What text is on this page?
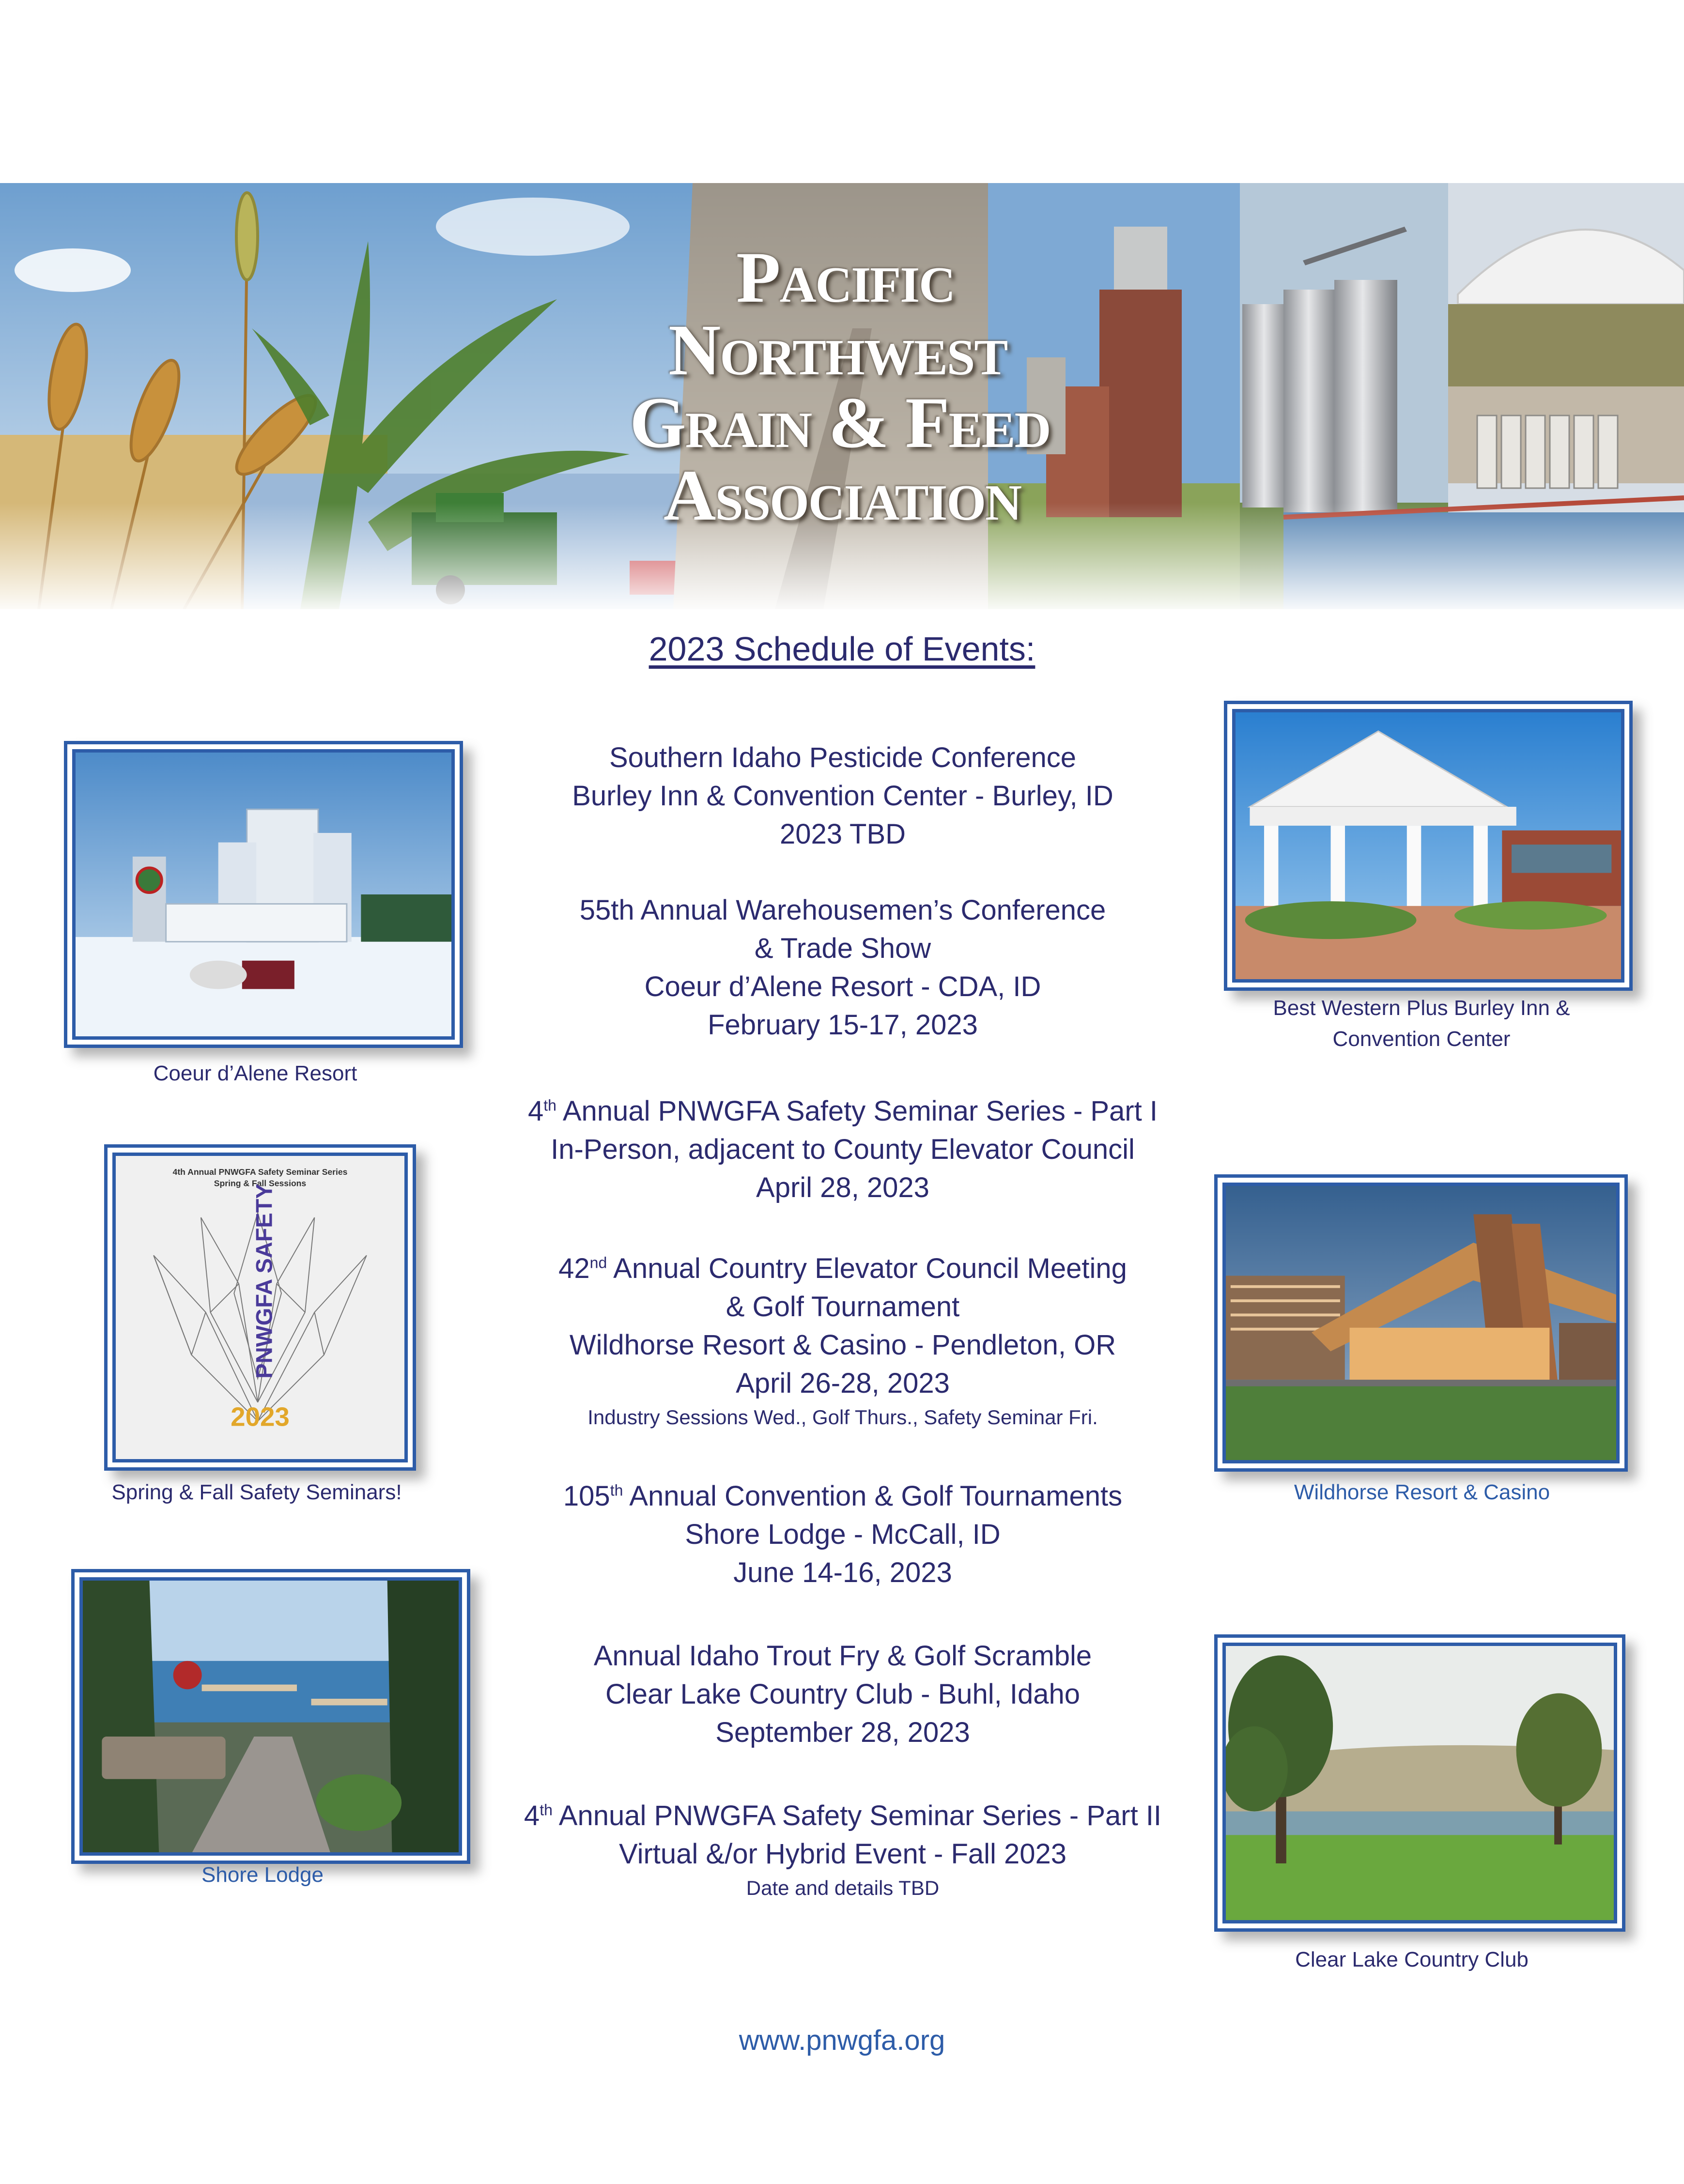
Pacific
Northwest
Grain & Feed
Association
2023 Schedule of Events:
Southern Idaho Pesticide Conference
Burley Inn & Convention Center - Burley, ID
2023 TBD
55th Annual Warehousemen’s Conference
& Trade Show
Coeur d’Alene Resort - CDA, ID
February 15-17, 2023
4th Annual PNWGFA Safety Seminar Series - Part I
In-Person, adjacent to County Elevator Council
April 28, 2023
42nd Annual Country Elevator Council Meeting
& Golf Tournament
Wildhorse Resort & Casino - Pendleton, OR
April 26-28, 2023
Industry Sessions Wed., Golf Thurs., Safety Seminar Fri.
105th Annual Convention & Golf Tournaments
Shore Lodge - McCall, ID
June 14-16, 2023
Annual Idaho Trout Fry & Golf Scramble
Clear Lake Country Club - Buhl, Idaho
September 28, 2023
4th Annual PNWGFA Safety Seminar Series - Part II
Virtual &/or Hybrid Event - Fall 2023
Date and details TBD
Coeur d’Alene Resort
Best Western Plus Burley Inn &
Convention Center
4th Annual PNWGFA Safety Seminar Series
Spring & Fall Sessions
PNWGFA SAFETY
2023
Spring & Fall Safety Seminars!	Wildhorse Resort & Casino
Shore Lodge
Clear Lake Country Club
www.pnwgfa.org
